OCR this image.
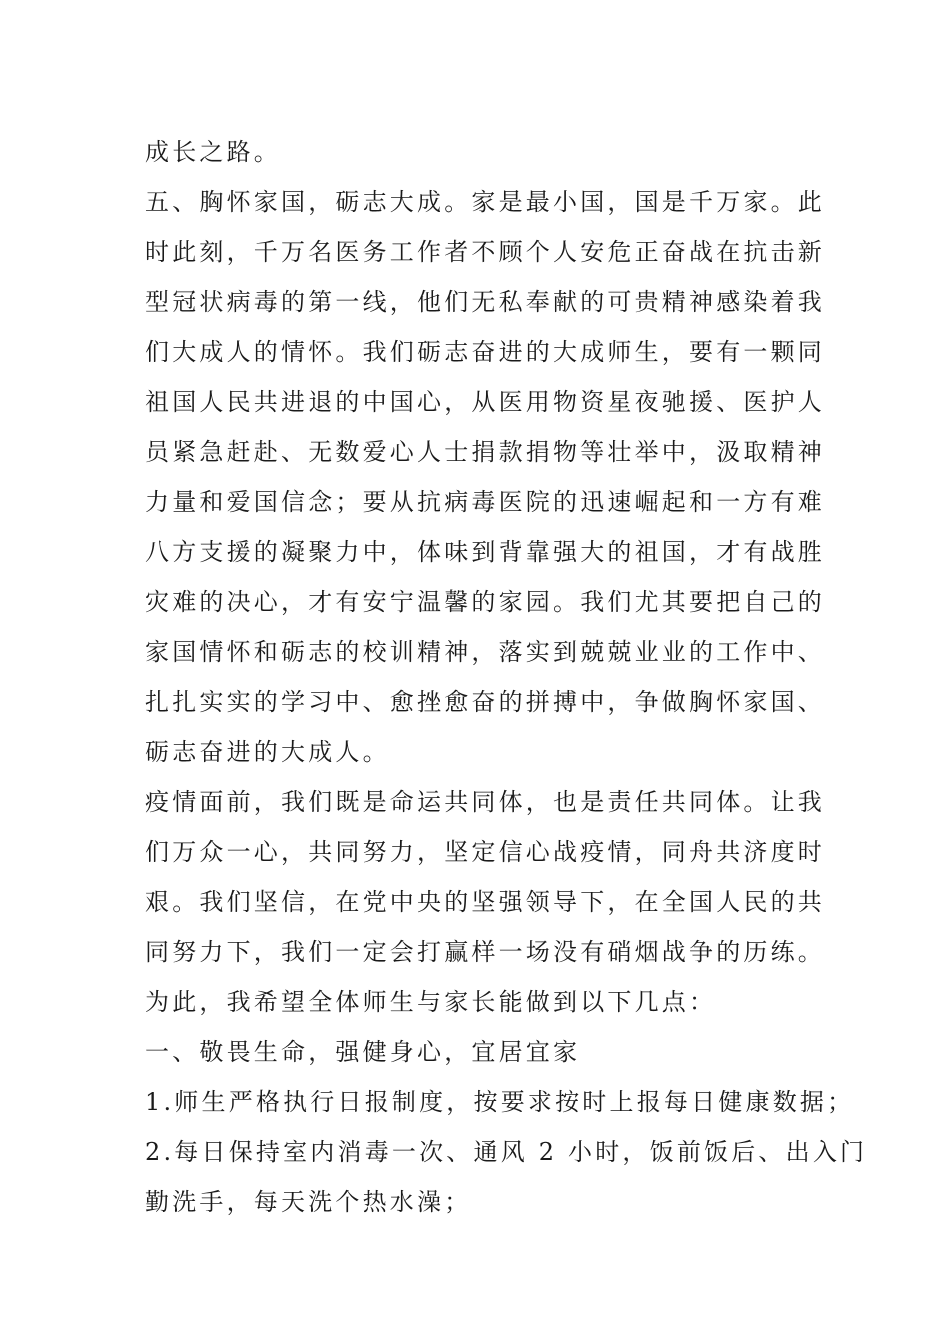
成长之路。
五、胸怀家国，砺志大成。家是最小国，国是千万家。此
时此刻，千万名医务工作者不顾个人安危正奋战在抗击新
型冠状病毒的第一线，他们无私奉献的可贵精神感染着我
们大成人的情怀。我们砺志奋进的大成师生，要有一颗同
祖国人民共进退的中国心，从医用物资星夜驰援、医护人
员紧急赶赴、无数爱心人士捐款捐物等壮举中，汲取精神
力量和爱国信念；要从抗病毒医院的迅速崛起和一方有难
八方支援的凝聚力中，体味到背靠强大的祖国，才有战胜
灾难的决心，才有安宁温馨的家园。我们尤其要把自己的
家国情怀和砺志的校训精神，落实到兢兢业业的工作中、
扎扎实实的学习中、愈挫愈奋的拼搏中，争做胸怀家国、
砺志奋进的大成人。
疫情面前，我们既是命运共同体，也是责任共同体。让我
们万众一心，共同努力，坚定信心战疫情，同舟共济度时
艰。我们坚信，在党中央的坚强领导下，在全国人民的共
同努力下，我们一定会打赢样一场没有硝烟战争的历练。
为此，我希望全体师生与家长能做到以下几点：
一、敬畏生命，强健身心，宜居宜家
1.师生严格执行日报制度，按要求按时上报每日健康数据；
2.每日保持室内消毒一次、通风 2 小时，饭前饭后、出入门
勤洗手，每天洗个热水澡；
